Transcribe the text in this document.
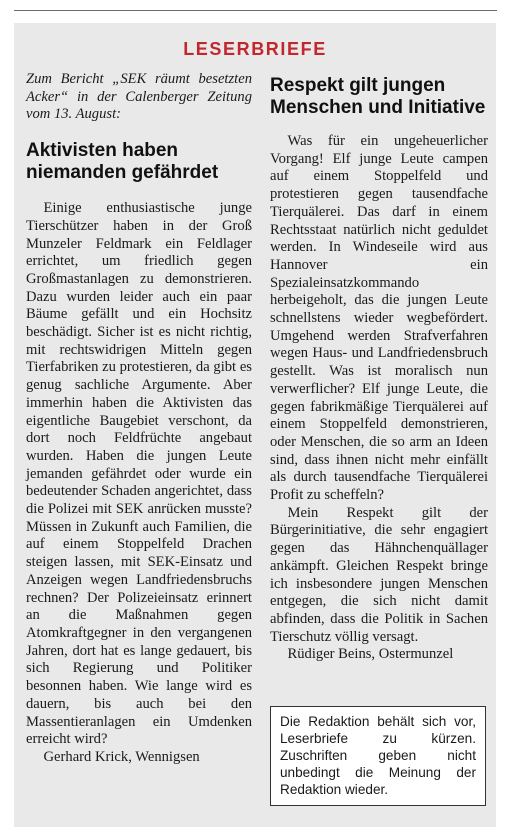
LESERBRIEFE

Zum Bericht „SEK räumt besetzten Acker“ in der Calenberger Zeitung vom 13. August:

Aktivisten haben niemanden gefährdet

Einige enthusiastische junge Tierschützer haben in der Groß Munzeler Feldmark ein Feldlager errichtet, um friedlich gegen Großmastanlagen zu demonstrieren. Dazu wurden leider auch ein paar Bäume gefällt und ein Hochsitz beschädigt. Sicher ist es nicht richtig, mit rechtswidrigen Mitteln gegen Tierfabriken zu protestieren, da gibt es genug sachliche Argumente. Aber immerhin haben die Aktivisten das eigentliche Baugebiet verschont, da dort noch Feldfrüchte angebaut wurden. Haben die jungen Leute jemanden gefährdet oder wurde ein bedeutender Schaden angerichtet, dass die Polizei mit SEK anrücken musste? Müssen in Zukunft auch Familien, die auf einem Stoppelfeld Drachen steigen lassen, mit SEK-Einsatz und Anzeigen wegen Landfriedensbruchs rechnen? Der Polizeieinsatz erinnert an die Maßnahmen gegen Atomkraftgegner in den vergangenen Jahren, dort hat es lange gedauert, bis sich Regierung und Politiker besonnen haben. Wie lange wird es dauern, bis auch bei den Massentieranlagen ein Umdenken erreicht wird?

Gerhard Krick, Wennigsen

Respekt gilt jungen Menschen und Initiative

Was für ein ungeheuerlicher Vorgang! Elf junge Leute campen auf einem Stoppelfeld und protestieren gegen tausendfache Tierquälerei. Das darf in einem Rechtsstaat natürlich nicht geduldet werden. In Windeseile wird aus Hannover ein Spezialeinsatzkommando herbeigeholt, das die jungen Leute schnellstens wieder wegbefördert. Umgehend werden Strafverfahren wegen Haus- und Landfriedensbruch gestellt. Was ist moralisch nun verwerflicher? Elf junge Leute, die gegen fabrikmäßige Tierquälerei auf einem Stoppelfeld demonstrieren, oder Menschen, die so arm an Ideen sind, dass ihnen nicht mehr einfällt als durch tausendfache Tierquälerei Profit zu scheffeln?

Mein Respekt gilt der Bürgerinitiative, die sehr engagiert gegen das Hähnchenquällager ankämpft. Gleichen Respekt bringe ich insbesondere jungen Menschen entgegen, die sich nicht damit abfinden, dass die Politik in Sachen Tierschutz völlig versagt.

Rüdiger Beins, Ostermunzel

Die Redaktion behält sich vor, Leserbriefe zu kürzen. Zuschriften geben nicht unbedingt die Meinung der Redaktion wieder.
